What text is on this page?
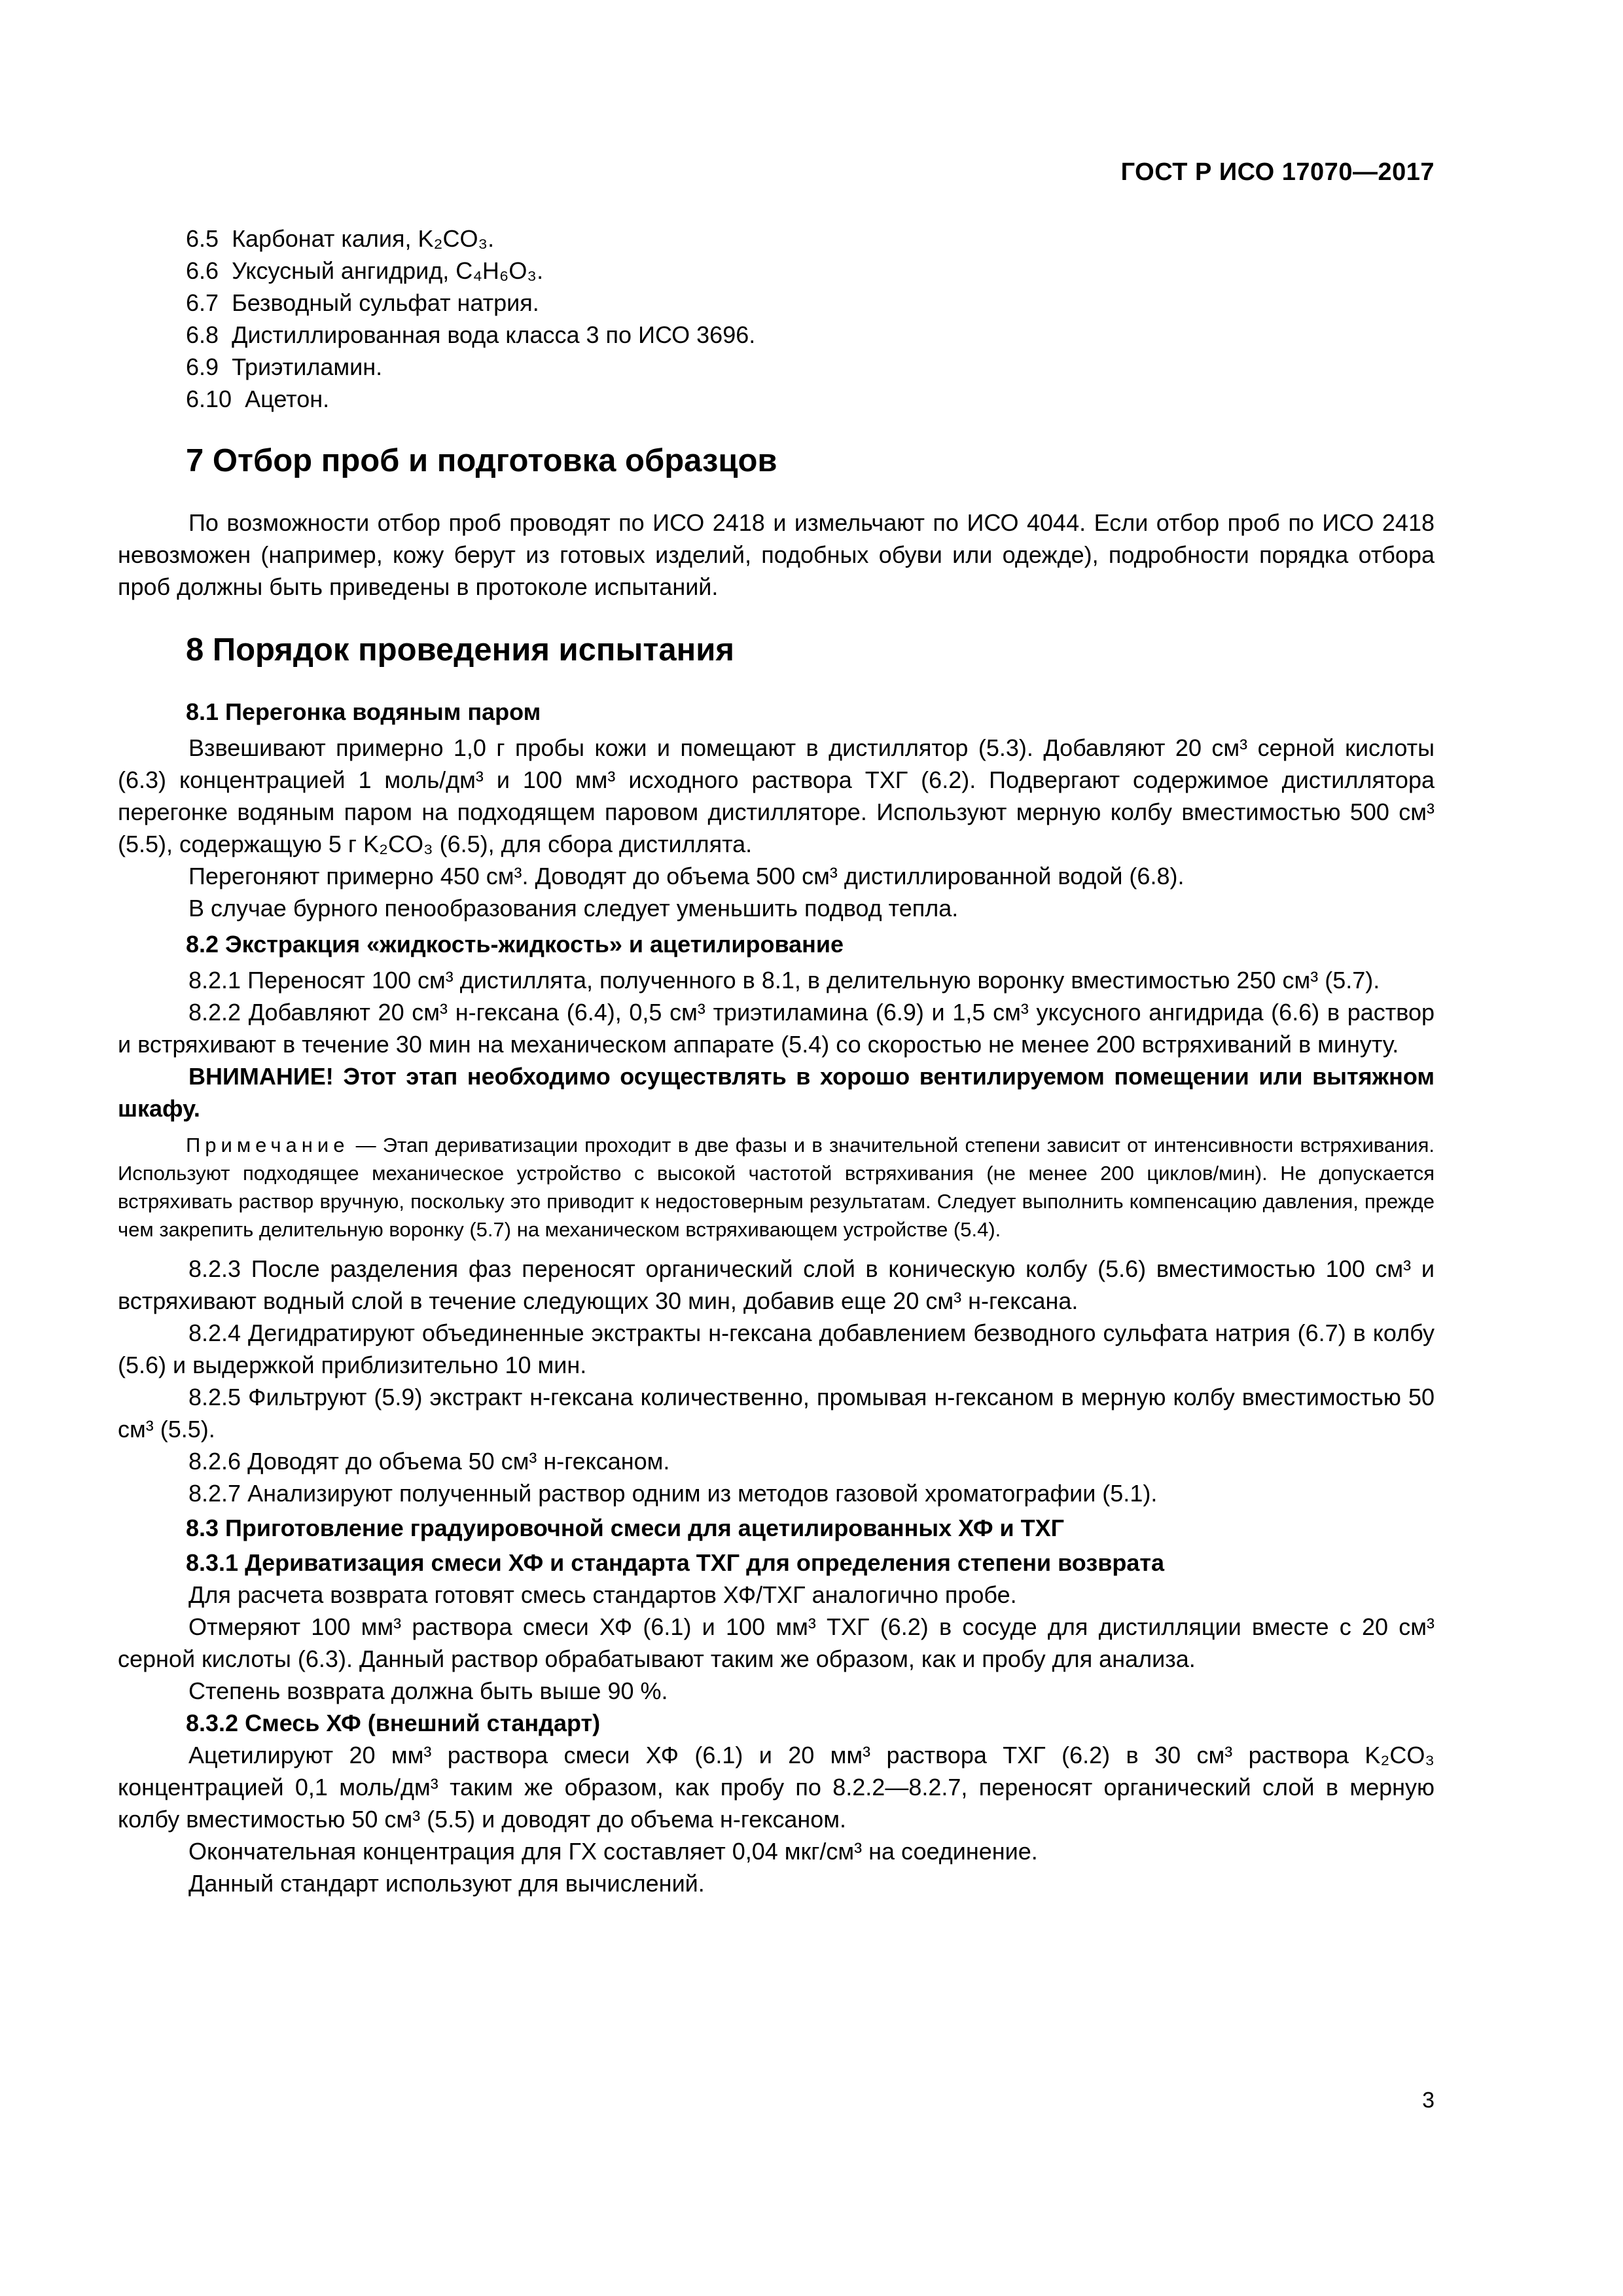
ГОСТ Р ИСО 17070—2017

6.5 Карбонат калия, K₂CO₃.

6.6 Уксусный ангидрид, C₄H₆O₃.

6.7 Безводный сульфат натрия.

6.8 Дистиллированная вода класса 3 по ИСО 3696.

6.9 Триэтиламин.

6.10 Ацетон.

7 Отбор проб и подготовка образцов

По возможности отбор проб проводят по ИСО 2418 и измельчают по ИСО 4044. Если отбор проб по ИСО 2418 невозможен (например, кожу берут из готовых изделий, подобных обуви или одежде), подробности порядка отбора проб должны быть приведены в протоколе испытаний.

8 Порядок проведения испытания
8.1 Перегонка водяным паром

Взвешивают примерно 1,0 г пробы кожи и помещают в дистиллятор (5.3). Добавляют 20 см³ серной кислоты (6.3) концентрацией 1 моль/дм³ и 100 мм³ исходного раствора ТХГ (6.2). Подвергают содержимое дистиллятора перегонке водяным паром на подходящем паровом дистилляторе. Используют мерную колбу вместимостью 500 см³ (5.5), содержащую 5 г K₂CO₃ (6.5), для сбора дистиллята.

Перегоняют примерно 450 см³. Доводят до объема 500 см³ дистиллированной водой (6.8).

В случае бурного пенообразования следует уменьшить подвод тепла.

8.2 Экстракция «жидкость-жидкость» и ацетилирование

8.2.1 Переносят 100 см³ дистиллята, полученного в 8.1, в делительную воронку вместимостью 250 см³ (5.7).

8.2.2 Добавляют 20 см³ н-гексана (6.4), 0,5 см³ триэтиламина (6.9) и 1,5 см³ уксусного ангидрида (6.6) в раствор и встряхивают в течение 30 мин на механическом аппарате (5.4) со скоростью не менее 200 встряхиваний в минуту.

ВНИМАНИЕ! Этот этап необходимо осуществлять в хорошо вентилируемом помещении или вытяжном шкафу.

Примечание — Этап дериватизации проходит в две фазы и в значительной степени зависит от интенсивности встряхивания. Используют подходящее механическое устройство с высокой частотой встряхивания (не менее 200 циклов/мин). Не допускается встряхивать раствор вручную, поскольку это приводит к недостоверным результатам. Следует выполнить компенсацию давления, прежде чем закрепить делительную воронку (5.7) на механическом встряхивающем устройстве (5.4).

8.2.3 После разделения фаз переносят органический слой в коническую колбу (5.6) вместимостью 100 см³ и встряхивают водный слой в течение следующих 30 мин, добавив еще 20 см³ н-гексана.

8.2.4 Дегидратируют объединенные экстракты н-гексана добавлением безводного сульфата натрия (6.7) в колбу (5.6) и выдержкой приблизительно 10 мин.

8.2.5 Фильтруют (5.9) экстракт н-гексана количественно, промывая н-гексаном в мерную колбу вместимостью 50 см³ (5.5).

8.2.6 Доводят до объема 50 см³ н-гексаном.

8.2.7 Анализируют полученный раствор одним из методов газовой хроматографии (5.1).

8.3 Приготовление градуировочной смеси для ацетилированных ХФ и ТХГ
8.3.1 Дериватизация смеси ХФ и стандарта ТХГ для определения степени возврата

Для расчета возврата готовят смесь стандартов ХФ/ТХГ аналогично пробе.

Отмеряют 100 мм³ раствора смеси ХФ (6.1) и 100 мм³ ТХГ (6.2) в сосуде для дистилляции вместе с 20 см³ серной кислоты (6.3). Данный раствор обрабатывают таким же образом, как и пробу для анализа.

Степень возврата должна быть выше 90 %.

8.3.2 Смесь ХФ (внешний стандарт)

Ацетилируют 20 мм³ раствора смеси ХФ (6.1) и 20 мм³ раствора ТХГ (6.2) в 30 см³ раствора K₂CO₃ концентрацией 0,1 моль/дм³ таким же образом, как пробу по 8.2.2—8.2.7, переносят органический слой в мерную колбу вместимостью 50 см³ (5.5) и доводят до объема н-гексаном.

Окончательная концентрация для ГХ составляет 0,04 мкг/см³ на соединение.

Данный стандарт используют для вычислений.

3
